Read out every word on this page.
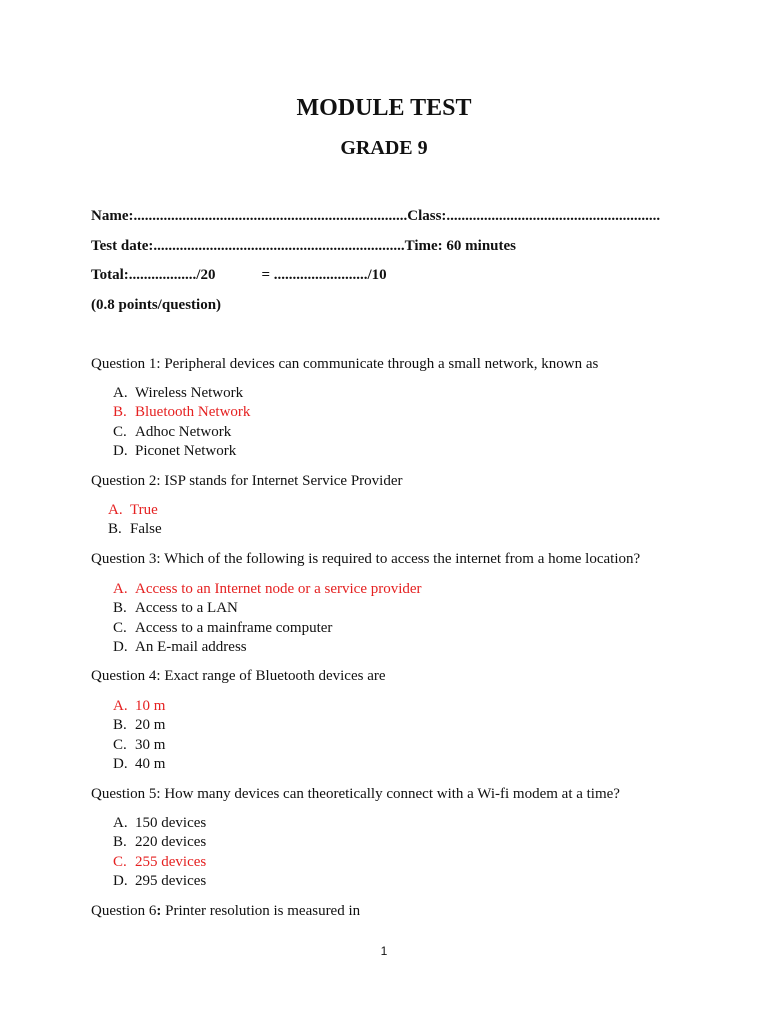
MODULE TEST
GRADE 9
Name:.........................................................................Class:.........................................................
Test date:...................................................................Time: 60 minutes
Total:................../20	= ........................./10
(0.8 points/question)
Question 1: Peripheral devices can communicate through a small network, known as
A. Wireless Network
B. Bluetooth Network
C. Adhoc Network
D. Piconet Network
Question 2: ISP stands for Internet Service Provider
A. True
B. False
Question 3: Which of the following is required to access the internet from a home location?
A. Access to an Internet node or a service provider
B. Access to a LAN
C. Access to a mainframe computer
D. An E-mail address
Question 4: Exact range of Bluetooth devices are
A. 10 m
B. 20 m
C. 30 m
D. 40 m
Question 5: How many devices can theoretically connect with a Wi-fi modem at a time?
A. 150 devices
B. 220 devices
C. 255 devices
D. 295 devices
Question 6: Printer resolution is measured in
1
